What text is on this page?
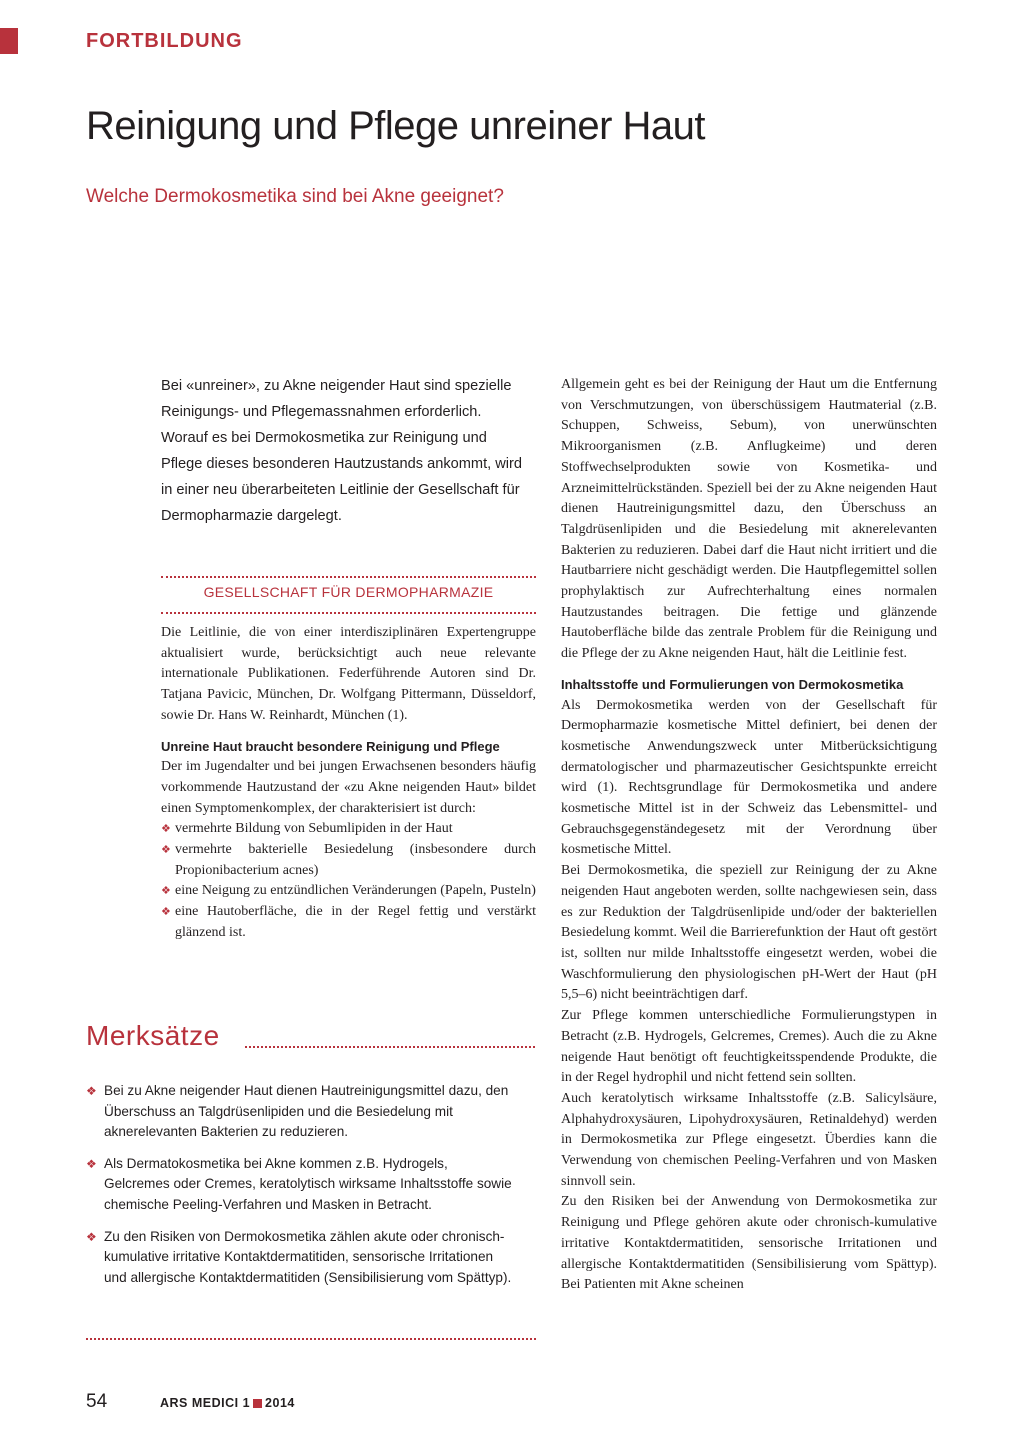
FORTBILDUNG
Reinigung und Pflege unreiner Haut
Welche Dermokosmetika sind bei Akne geeignet?
Bei «unreiner», zu Akne neigender Haut sind spezielle Reinigungs- und Pflegemassnahmen erforderlich. Worauf es bei Dermokosmetika zur Reinigung und Pflege dieses besonderen Hautzustands ankommt, wird in einer neu überarbeiteten Leitlinie der Gesellschaft für Dermopharmazie dargelegt.
GESELLSCHAFT FÜR DERMOPHARMAZIE

Die Leitlinie, die von einer interdisziplinären Expertengruppe aktualisiert wurde, berücksichtigt auch neue relevante internationale Publikationen. Federführende Autoren sind Dr. Tatjana Pavicic, München, Dr. Wolfgang Pittermann, Düsseldorf, sowie Dr. Hans W. Reinhardt, München (1).

Unreine Haut braucht besondere Reinigung und Pflege

Der im Jugendalter und bei jungen Erwachsenen besonders häufig vorkommende Hautzustand der «zu Akne neigenden Haut» bildet einen Symptomenkomplex, der charakterisiert ist durch:

❖ vermehrte Bildung von Sebumlipiden in der Haut
❖ vermehrte bakterielle Besiedelung (insbesondere durch Propionibacterium acnes)
❖ eine Neigung zu entzündlichen Veränderungen (Papeln, Pusteln)
❖ eine Hautoberfläche, die in der Regel fettig und verstärkt glänzend ist.
Merksätze
❖ Bei zu Akne neigender Haut dienen Hautreinigungsmittel dazu, den Überschuss an Talgdrüsenlipiden und die Besiedelung mit aknerelevanten Bakterien zu reduzieren.
❖ Als Dermatokosmetika bei Akne kommen z.B. Hydrogels, Gelcremes oder Cremes, keratolytisch wirksame Inhaltsstoffe sowie chemische Peeling-Verfahren und Masken in Betracht.
❖ Zu den Risiken von Dermokosmetika zählen akute oder chronisch-kumulative irritative Kontaktdermatitiden, sensorische Irritationen und allergische Kontaktdermatitiden (Sensibilisierung vom Spättyp).

Allgemein geht es bei der Reinigung der Haut um die Entfernung von Verschmutzungen, von überschüssigem Hautmaterial (z.B. Schuppen, Schweiss, Sebum), von unerwünschten Mikroorganismen (z.B. Anflugkeime) und deren Stoffwechselprodukten sowie von Kosmetika- und Arzneimittelrückständen. Speziell bei der zu Akne neigenden Haut dienen Hautreinigungsmittel dazu, den Überschuss an Talgdrüsenlipiden und die Besiedelung mit aknerelevanten Bakterien zu reduzieren. Dabei darf die Haut nicht irritiert und die Hautbarriere nicht geschädigt werden. Die Hautpflegemittel sollen prophylaktisch zur Aufrechterhaltung eines normalen Hautzustandes beitragen. Die fettige und glänzende Hautoberfläche bilde das zentrale Problem für die Reinigung und die Pflege der zu Akne neigenden Haut, hält die Leitlinie fest.

Inhaltsstoffe und Formulierungen von Dermokosmetika

Als Dermokosmetika werden von der Gesellschaft für Dermopharmazie kosmetische Mittel definiert, bei denen der kosmetische Anwendungszweck unter Mitberücksichtigung dermatologischer und pharmazeutischer Gesichtspunkte erreicht wird (1). Rechtsgrundlage für Dermokosmetika und andere kosmetische Mittel ist in der Schweiz das Lebensmittel- und Gebrauchsgegenständegesetz mit der Verordnung über kosmetische Mittel.

Bei Dermokosmetika, die speziell zur Reinigung der zu Akne neigenden Haut angeboten werden, sollte nachgewiesen sein, dass es zur Reduktion der Talgdrüsenlipide und/oder der bakteriellen Besiedelung kommt. Weil die Barrierefunktion der Haut oft gestört ist, sollten nur milde Inhaltsstoffe eingesetzt werden, wobei die Waschformulierung den physiologischen pH-Wert der Haut (pH 5,5–6) nicht beeinträchtigen darf.

Zur Pflege kommen unterschiedliche Formulierungstypen in Betracht (z.B. Hydrogels, Gelcremes, Cremes). Auch die zu Akne neigende Haut benötigt oft feuchtigkeitsspendende Produkte, die in der Regel hydrophil und nicht fettend sein sollten.

Auch keratolytisch wirksame Inhaltsstoffe (z.B. Salicylsäure, Alphahydroxysäuren, Lipohydroxysäuren, Retinaldehyd) werden in Dermokosmetika zur Pflege eingesetzt. Überdies kann die Verwendung von chemischen Peeling-Verfahren und von Masken sinnvoll sein.

Zu den Risiken bei der Anwendung von Dermokosmetika zur Reinigung und Pflege gehören akute oder chronisch-kumulative irritative Kontaktdermatitiden, sensorische Irritationen und allergische Kontaktdermatitiden (Sensibilisierung vom Spättyp). Bei Patienten mit Akne scheinen

54	ARS MEDICI 1 2014
